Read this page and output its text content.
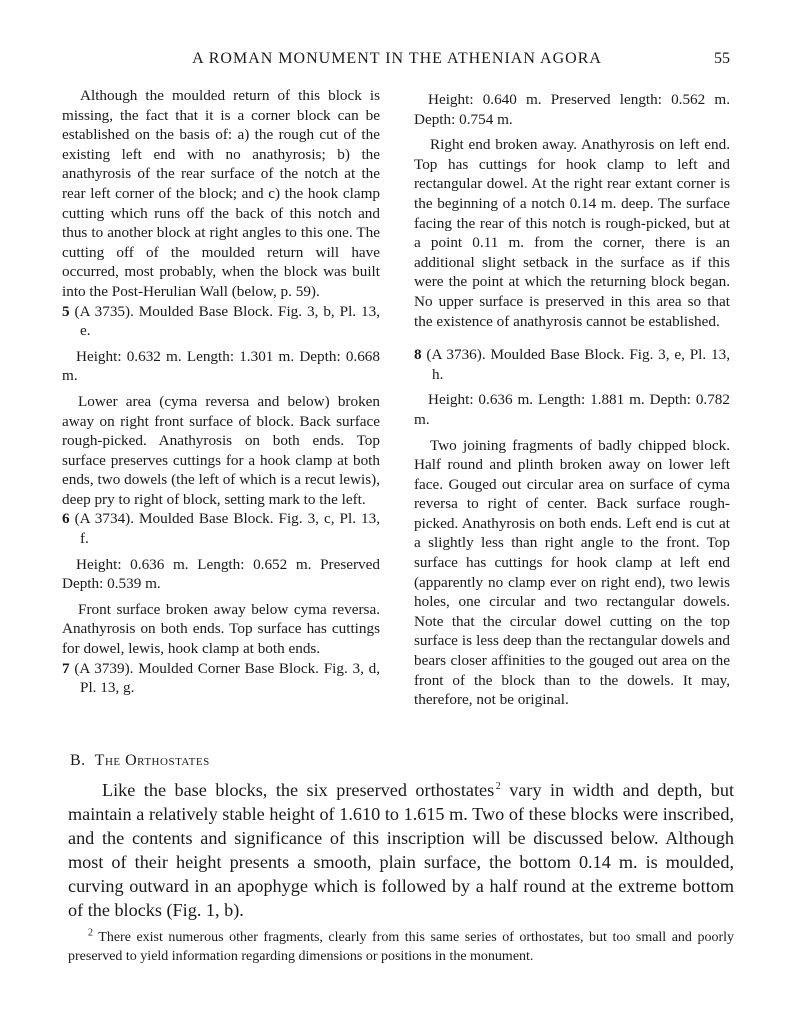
A ROMAN MONUMENT IN THE ATHENIAN AGORA	55

Although the moulded return of this block is missing, the fact that it is a corner block can be established on the basis of: a) the rough cut of the existing left end with no anathyrosis; b) the anathyrosis of the rear surface of the notch at the rear left corner of the block; and c) the hook clamp cutting which runs off the back of this notch and thus to another block at right angles to this one. The cutting off of the moulded return will have occurred, most probably, when the block was built into the Post-Herulian Wall (below, p. 59).

5 (A 3735). Moulded Base Block. Fig. 3, b, Pl. 13, e.

Height: 0.632 m. Length: 1.301 m. Depth: 0.668 m.

Lower area (cyma reversa and below) broken away on right front surface of block. Back surface rough-picked. Anathyrosis on both ends. Top surface preserves cuttings for a hook clamp at both ends, two dowels (the left of which is a recut lewis), deep pry to right of block, setting mark to the left.

6 (A 3734). Moulded Base Block. Fig. 3, c, Pl. 13, f.

Height: 0.636 m. Length: 0.652 m. Preserved Depth: 0.539 m.

Front surface broken away below cyma reversa. Anathyrosis on both ends. Top surface has cuttings for dowel, lewis, hook clamp at both ends.

7 (A 3739). Moulded Corner Base Block. Fig. 3, d, Pl. 13, g.

Height: 0.640 m. Preserved length: 0.562 m. Depth: 0.754 m.

Right end broken away. Anathyrosis on left end. Top has cuttings for hook clamp to left and rectangular dowel. At the right rear extant corner is the beginning of a notch 0.14 m. deep. The surface facing the rear of this notch is rough-picked, but at a point 0.11 m. from the corner, there is an additional slight setback in the surface as if this were the point at which the returning block began. No upper surface is preserved in this area so that the existence of anathyrosis cannot be established.

8 (A 3736). Moulded Base Block. Fig. 3, e, Pl. 13, h.

Height: 0.636 m. Length: 1.881 m. Depth: 0.782 m.

Two joining fragments of badly chipped block. Half round and plinth broken away on lower left face. Gouged out circular area on surface of cyma reversa to right of center. Back surface rough-picked. Anathyrosis on both ends. Left end is cut at a slightly less than right angle to the front. Top surface has cuttings for hook clamp at left end (apparently no clamp ever on right end), two lewis holes, one circular and two rectangular dowels. Note that the circular dowel cutting on the top surface is less deep than the rectangular dowels and bears closer affinities to the gouged out area on the front of the block than to the dowels. It may, therefore, not be original.

B. The Orthostates

Like the base blocks, the six preserved orthostates  $^2$ vary in width and depth, but maintain a relatively stable height of 1.610 to 1.615 m. Two of these blocks were inscribed, and the contents and significance of this inscription will be discussed below. Although most of their height presents a smooth, plain surface, the bottom 0.14 m. is moulded, curving outward in an apophyge which is followed by a half round at the extreme bottom of the blocks (Fig. 1, b).

$^2$ There exist numerous other fragments, clearly from this same series of orthostates, but too small and poorly preserved to yield information regarding dimensions or positions in the monument.
